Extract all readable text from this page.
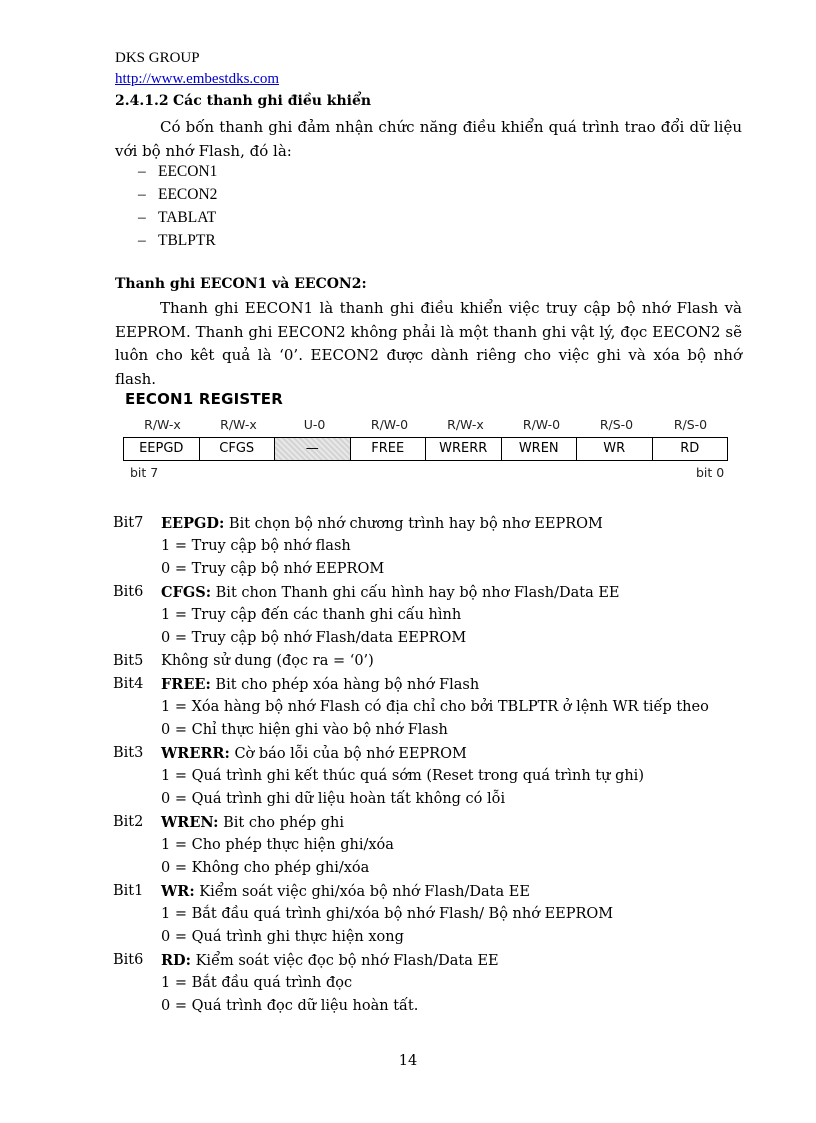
DKS GROUP
http://www.embestdks.com
2.4.1.2 Các thanh ghi điều khiển
Có bốn thanh ghi đảm nhận chức năng điều khiển quá trình trao đổi dữ liệu với bộ nhớ Flash, đó là:
– EECON1
– EECON2
– TABLAT
– TBLPTR
Thanh ghi EECON1 và EECON2:
Thanh ghi EECON1 là thanh ghi điều khiển việc truy cập bộ nhớ Flash và EEPROM. Thanh ghi EECON2 không phải là một thanh ghi vật lý, đọc EECON2 sẽ luôn cho kêt quả là ‘0’. EECON2 được dành riêng cho việc ghi và xóa bộ nhớ flash.
EECON1 REGISTER
R/W-x	R/W-x	U-0	R/W-0	R/W-x	R/W-0	R/S-0	R/S-0
EEPGD	CFGS	—	FREE	WRERR	WREN	WR	RD
bit 7	bit 0
Bit7	EEPGD: Bit chọn bộ nhớ chương trình hay bộ nhơ EEPROM
1 = Truy cập bộ nhớ flash
0 = Truy cập bộ nhớ EEPROM
Bit6	CFGS: Bit chon Thanh ghi cấu hình hay bộ nhơ Flash/Data EE
1 = Truy cập đến các thanh ghi cấu hình
0 = Truy cập bộ nhớ Flash/data EEPROM
Bit5	Không sử dung (đọc ra = ‘0’)
Bit4	FREE: Bit cho phép xóa hàng bộ nhớ Flash
1 = Xóa hàng bộ nhớ Flash có địa chỉ cho bởi TBLPTR ở lệnh WR tiếp theo
0 = Chỉ thực hiện ghi vào bộ nhớ Flash
Bit3	WRERR: Cờ báo lỗi của bộ nhớ EEPROM
1 = Quá trình ghi kết thúc quá sớm (Reset trong quá trình tự ghi)
0 = Quá trình ghi dữ liệu hoàn tất không có lỗi
Bit2	WREN: Bit cho phép ghi
1 = Cho phép thực hiện ghi/xóa
0 = Không cho phép ghi/xóa
Bit1	WR: Kiểm soát việc ghi/xóa bộ nhớ Flash/Data EE
1 = Bắt đầu quá trình ghi/xóa bộ nhớ Flash/ Bộ nhớ EEPROM
0 = Quá trình ghi thực hiện xong
Bit6	RD: Kiểm soát việc đọc bộ nhớ Flash/Data EE
1 = Bắt đầu quá trình đọc
0 = Quá trình đọc dữ liệu hoàn tất.
14
